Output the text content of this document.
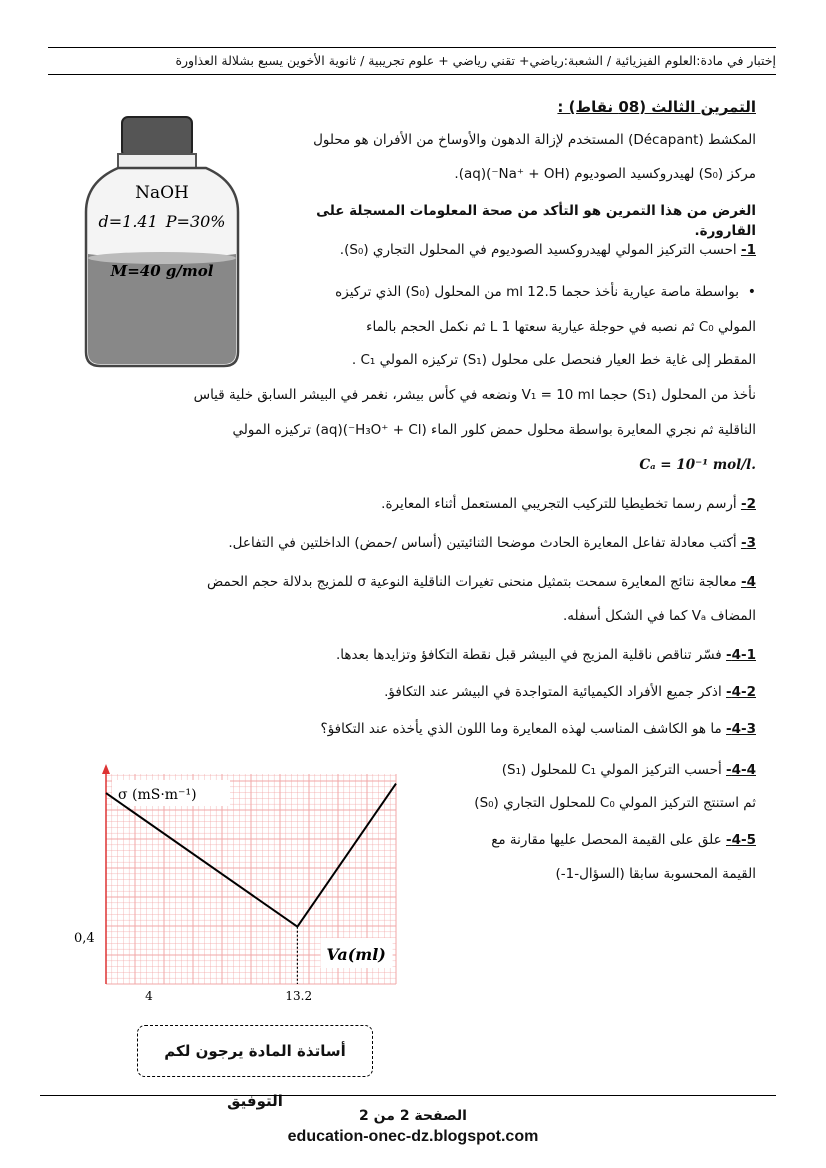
إختبار في مادة:العلوم الفيزيائية / الشعبة:رياضي+ تقني رياضي + علوم تجريبية / ثانوية الأخوين يسبع بشلالة العذاورة
التمرين الثالث (08 نقاط) :
NaOH
d=1.41 P=30%
M=40 g/mol
المكشط (Décapant) المستخدم لإزالة الدهون والأوساخ من الأفران هو محلول
مركز (S₀) لهيدروكسيد الصوديوم (Na⁺ + OH⁻)(aq).
الغرض من هذا التمرين هو التأكد من صحة المعلومات المسجلة على القارورة.
1- احسب التركيز المولي لهيدروكسيد الصوديوم في المحلول التجاري (S₀).
•  بواسطة ماصة عيارية نأخذ حجما 12.5 ml من المحلول (S₀) الذي تركيزه
المولي C₀ ثم نصبه في حوجلة عيارية سعتها 1 L ثم نكمل الحجم بالماء
المقطر إلى غاية خط العيار فنحصل على محلول (S₁) تركيزه المولي C₁ .
نأخذ من المحلول (S₁) حجما V₁ = 10 ml ونضعه في كأس بيشر، نغمر في البيشر السابق خلية قياس
الناقلية ثم نجري المعايرة بواسطة محلول حمض كلور الماء (H₃O⁺ + Cl⁻)(aq) تركيزه المولي
Cₐ = 10⁻¹ mol/l.
2- أرسم رسما تخطيطيا للتركيب التجريبي المستعمل أثناء المعايرة.
3- أكتب معادلة تفاعل المعايرة الحادث موضحا الثنائيتين (أساس /حمض) الداخلتين في التفاعل.
4- معالجة نتائج المعايرة سمحت بتمثيل منحنى تغيرات الناقلية النوعية σ للمزيج بدلالة حجم الحمض
المضاف Vₐ كما في الشكل أسفله.
4-1- فسّر تناقص ناقلية المزيج في البيشر قبل نقطة التكافؤ وتزايدها بعدها.
4-2- اذكر جميع الأفراد الكيميائية المتواجدة في البيشر عند التكافؤ.
4-3- ما هو الكاشف المناسب لهذه المعايرة وما اللون الذي يأخذه عند التكافؤ؟
4-4- أحسب التركيز المولي C₁ للمحلول (S₁)
ثم استنتج التركيز المولي C₀ للمحلول التجاري (S₀)
4-5- علق على القيمة المحصل عليها مقارنة مع
القيمة المحسوبة سابقا (السؤال-1-)
σ (mS·m⁻¹)
Va(ml)
0,4
4	13.2
أساتذة المادة يرجون لكم التوفيق
الصفحة 2 من 2
education-onec-dz.blogspot.com
